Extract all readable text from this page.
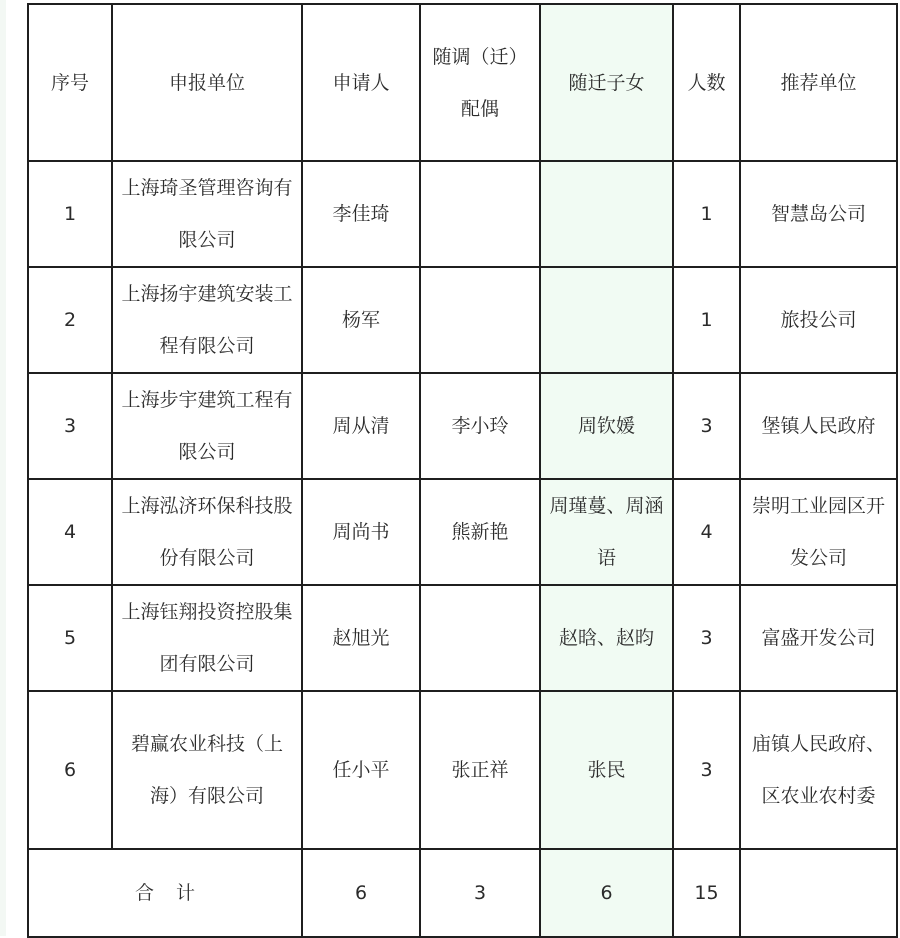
序号	申报单位	申请人	随调（迁）配偶	随迁子女	人数	推荐单位
1	上海琦圣管理咨询有限公司	李佳琦			1	智慧岛公司

2	上海扬宇建筑安装工程有限公司	杨军			1	旅投公司

3	上海步宇建筑工程有限公司	周从清	李小玲	周钦媛	3	堡镇人民政府

4	上海泓济环保科技股份有限公司	周尚书	熊新艳	周瑾蔓、周涵语	4	崇明工业园区开发公司

5	上海钰翔投资控股集团有限公司	赵旭光		赵晗、赵昀	3	富盛开发公司

6	碧赢农业科技（上海）有限公司	任小平	张正祥	张民	3	庙镇人民政府、区农业农村委

合计		6	3	6	15	
